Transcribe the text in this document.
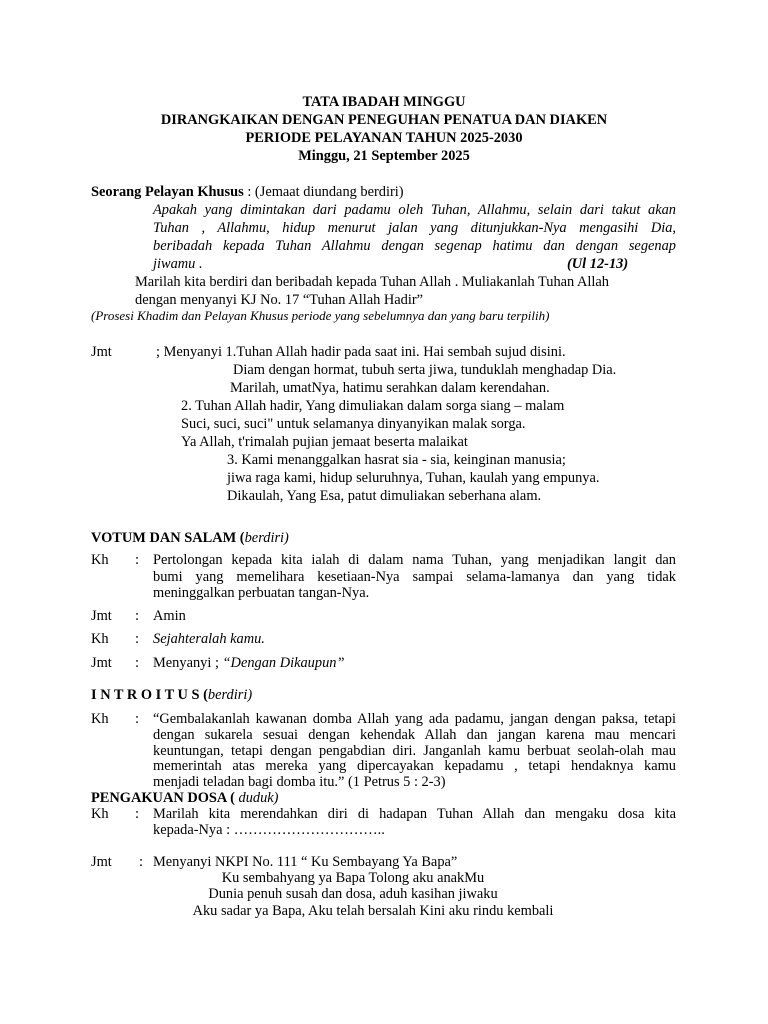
TATA IBADAH MINGGU
DIRANGKAIKAN DENGAN PENEGUHAN PENATUA DAN DIAKEN
PERIODE PELAYANAN TAHUN 2025-2030
Minggu, 21 September 2025
Seorang Pelayan Khusus : (Jemaat diundang berdiri)
Apakah yang dimintakan dari padamu oleh Tuhan, Allahmu, selain dari takut akan
Tuhan , Allahmu, hidup menurut jalan yang ditunjukkan-Nya mengasihi Dia,
beribadah kepada Tuhan Allahmu dengan segenap hatimu dan dengan segenap
jiwamu .	(Ul 12-13)
Marilah kita berdiri dan beribadah kepada Tuhan Allah . Muliakanlah Tuhan Allah
dengan menyanyi KJ No. 17 “Tuhan Allah Hadir”
(Prosesi Khadim dan Pelayan Khusus periode yang sebelumnya dan yang baru terpilih)
Jmt	; Menyanyi 1.Tuhan Allah hadir pada saat ini. Hai sembah sujud disini.
Diam dengan hormat, tubuh serta jiwa, tunduklah menghadap Dia.
Marilah, umatNya, hatimu serahkan dalam kerendahan.
2. Tuhan Allah hadir, Yang dimuliakan dalam sorga siang – malam
Suci, suci, suci" untuk selamanya dinyanyikan malak sorga.
Ya Allah, t'rimalah pujian jemaat beserta malaikat
3. Kami menanggalkan hasrat sia - sia, keinginan manusia;
jiwa raga kami, hidup seluruhnya, Tuhan, kaulah yang empunya.
Dikaulah, Yang Esa, patut dimuliakan seberhana alam.
VOTUM DAN SALAM (berdiri)
Kh : Pertolongan kepada kita ialah di dalam nama Tuhan, yang menjadikan langit dan
bumi yang memelihara kesetiaan-Nya sampai selama-lamanya dan yang tidak
meninggalkan perbuatan tangan-Nya.
Jmt : Amin
Kh : Sejahteralah kamu.
Jmt : Menyanyi ; “Dengan Dikaupun”
I N T R O I T U S (berdiri)
Kh : “Gembalakanlah kawanan domba Allah yang ada padamu, jangan dengan paksa, tetapi
dengan sukarela sesuai dengan kehendak Allah dan jangan karena mau mencari
keuntungan, tetapi dengan pengabdian diri. Janganlah kamu berbuat seolah-olah mau
memerintah atas mereka yang dipercayakan kepadamu , tetapi hendaknya kamu
menjadi teladan bagi domba itu.” (1 Petrus 5 : 2-3)
PENGAKUAN DOSA ( duduk)
Kh : Marilah kita merendahkan diri di hadapan Tuhan Allah dan mengaku dosa kita
kepada-Nya : …………………………..
Jmt : Menyanyi NKPI No. 111 “ Ku Sembayang Ya Bapa”
Ku sembahyang ya Bapa Tolong aku anakMu
Dunia penuh susah dan dosa, aduh kasihan jiwaku
Aku sadar ya Bapa, Aku telah bersalah Kini aku rindu kembali
